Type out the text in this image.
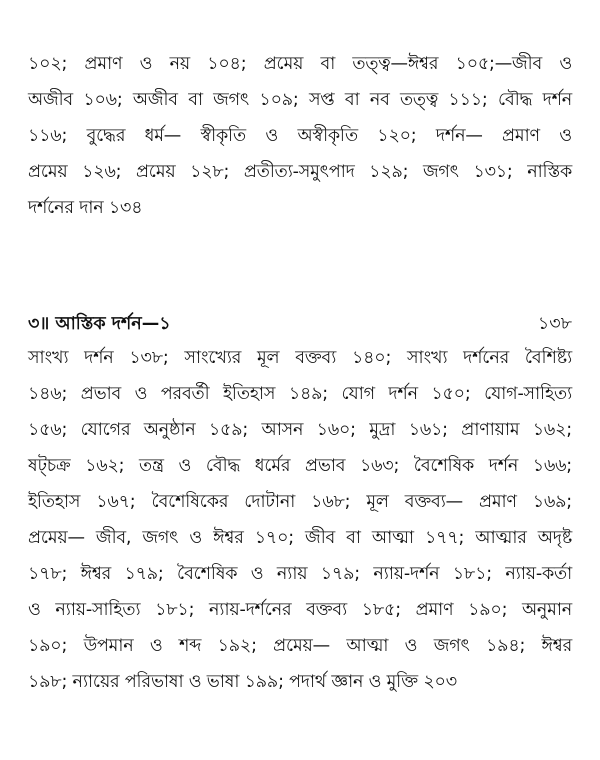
১০২; প্রমাণ ও নয় ১০৪; প্রমেয় বা তত্ত্ব—ঈশ্বর ১০৫;—জীব ও
অজীব ১০৬; অজীব বা জগৎ ১০৯; সপ্ত বা নব তত্ত্ব ১১১; বৌদ্ধ দর্শন
১১৬; বুদ্ধের ধর্ম— স্বীকৃতি ও অস্বীকৃতি ১২০; দর্শন— প্রমাণ ও
প্রমেয় ১২৬; প্রমেয় ১২৮; প্রতীত্য-সমুৎপাদ ১২৯; জগৎ ১৩১; নাস্তিক
দর্শনের দান ১৩৪
৩॥ আস্তিক দর্শন—১	১৩৮
সাংখ্য দর্শন ১৩৮; সাংখ্যের মূল বক্তব্য ১৪০; সাংখ্য দর্শনের বৈশিষ্ট্য
১৪৬; প্রভাব ও পরবর্তী ইতিহাস ১৪৯; যোগ দর্শন ১৫০; যোগ-সাহিত্য
১৫৬; যোগের অনুষ্ঠান ১৫৯; আসন ১৬০; মুদ্রা ১৬১; প্রাণায়াম ১৬২;
ষট্‌চক্র ১৬২; তন্ত্র ও বৌদ্ধ ধর্মের প্রভাব ১৬৩; বৈশেষিক দর্শন ১৬৬;
ইতিহাস ১৬৭; বৈশেষিকের দোটানা ১৬৮; মূল বক্তব্য— প্রমাণ ১৬৯;
প্রমেয়— জীব, জগৎ ও ঈশ্বর ১৭০; জীব বা আত্মা ১৭৭; আত্মার অদৃষ্ট
১৭৮; ঈশ্বর ১৭৯; বৈশেষিক ও ন্যায় ১৭৯; ন্যায়-দর্শন ১৮১; ন্যায়-কর্তা
ও ন্যায়-সাহিত্য ১৮১; ন্যায়-দর্শনের বক্তব্য ১৮৫; প্রমাণ ১৯০; অনুমান
১৯০; উপমান ও শব্দ ১৯২; প্রমেয়— আত্মা ও জগৎ ১৯৪; ঈশ্বর
১৯৮; ন্যায়ের পরিভাষা ও ভাষা ১৯৯; পদার্থ জ্ঞান ও মুক্তি ২০৩
